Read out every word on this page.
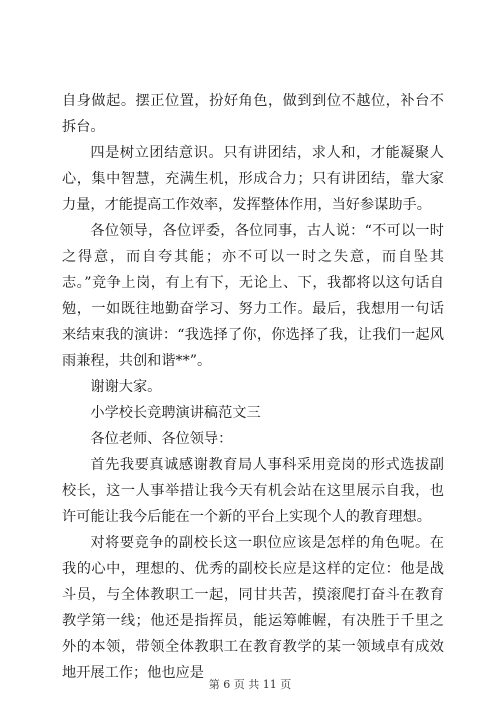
自身做起。摆正位置，扮好角色，做到到位不越位，补台不拆台。

四是树立团结意识。只有讲团结，求人和，才能凝聚人心，集中智慧，充满生机，形成合力；只有讲团结，靠大家力量，才能提高工作效率，发挥整体作用，当好参谋助手。

各位领导，各位评委，各位同事，古人说：“不可以一时之得意，而自夸其能；亦不可以一时之失意，而自坠其志。”竞争上岗，有上有下，无论上、下，我都将以这句话自勉，一如既往地勤奋学习、努力工作。最后，我想用一句话来结束我的演讲：“我选择了你，你选择了我，让我们一起风雨兼程，共创和谐**”。

谢谢大家。

小学校长竞聘演讲稿范文三

各位老师、各位领导：

首先我要真诚感谢教育局人事科采用竞岗的形式选拔副校长，这一人事举措让我今天有机会站在这里展示自我，也许可能让我今后能在一个新的平台上实现个人的教育理想。

对将要竞争的副校长这一职位应该是怎样的角色呢。在我的心中，理想的、优秀的副校长应是这样的定位：他是战斗员，与全体教职工一起，同甘共苦，摸滚爬打奋斗在教育教学第一线；他还是指挥员，能运筹帷幄，有决胜于千里之外的本领，带领全体教职工在教育教学的某一领域卓有成效地开展工作；他也应是

第 6 页 共 11 页
